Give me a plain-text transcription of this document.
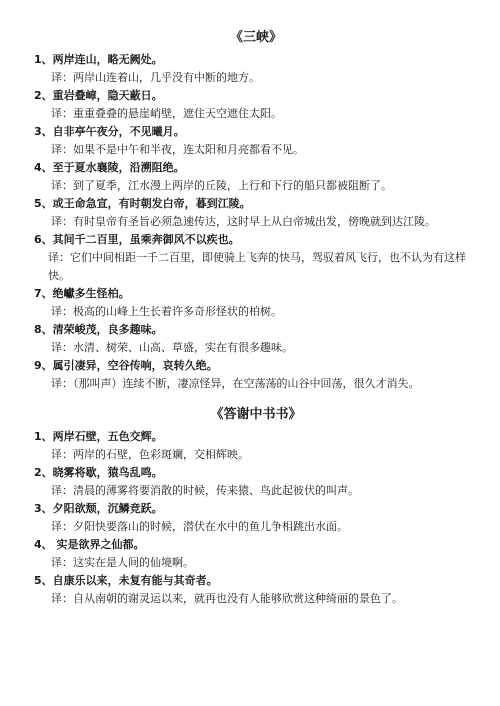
《三峡》
1、两岸连山，略无阙处。
译：两岸山连着山，几乎没有中断的地方。
2、重岩叠嶂，隐天蔽日。
译：重重叠叠的悬崖峭壁，遮住天空遮住太阳。
3、自非亭午夜分，不见曦月。
译：如果不是中午和半夜，连太阳和月亮都看不见。
4、至于夏水襄陵，沿溯阻绝。
译：到了夏季，江水漫上两岸的丘陵，上行和下行的船只都被阻断了。
5、或王命急宣，有时朝发白帝，暮到江陵。
译：有时皇帝有圣旨必须急速传达，这时早上从白帝城出发，傍晚就到达江陵。
6、其间千二百里，虽乘奔御风不以疾也。
译：它们中间相距一千二百里，即使骑上飞奔的快马，驾驭着风飞行，也不认为有这样快。
7、绝巘多生怪柏。
译：极高的山峰上生长着许多奇形怪状的柏树。
8、清荣峻茂，良多趣味。
译：水清、树荣、山高、草盛，实在有很多趣味。
9、属引凄异，空谷传响，哀转久绝。
译：（那叫声）连续不断，凄凉怪异，在空荡荡的山谷中回荡，很久才消失。
《答谢中书书》
1、两岸石壁，五色交辉。
译：两岸的石壁，色彩斑斓，交相辉映。
2、晓雾将歇，猿鸟乱鸣。
译：清晨的薄雾将要消散的时候，传来猿、鸟此起彼伏的叫声。
3、夕阳欲颓，沉鳞竞跃。
译：夕阳快要落山的时候，潜伏在水中的鱼儿争相跳出水面。
4、 实是欲界之仙都。
译：这实在是人间的仙境啊。
5、自康乐以来，未复有能与其奇者。
译：自从南朝的谢灵运以来，就再也没有人能够欣赏这种绮丽的景色了。
